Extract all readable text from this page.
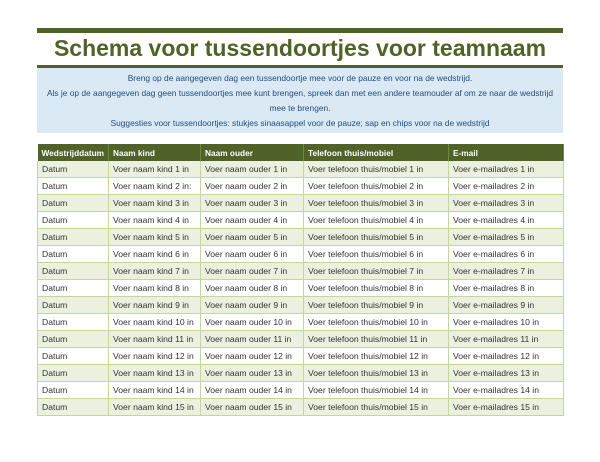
Schema voor tussendoortjes voor teamnaam
Breng op de aangegeven dag een tussendoortje mee voor de pauze en voor na de wedstrijd.
Als je op de aangegeven dag geen tussendoortjes mee kunt brengen, spreek dan met een andere teamouder af om ze naar de wedstrijd mee te brengen.
Suggesties voor tussendoortjes: stukjes sinaasappel voor de pauze; sap en chips voor na de wedstrijd
Wedstrijddatum	Naam kind	Naam ouder	Telefoon thuis/mobiel	E-mail
Datum	Voer naam kind 1 in	Voer naam ouder 1 in	Voer telefoon thuis/mobiel 1 in	Voer e-mailadres 1 in
Datum	Voer naam kind 2 in:	Voer naam ouder 2 in	Voer telefoon thuis/mobiel 2 in	Voer e-mailadres 2 in
Datum	Voer naam kind 3 in	Voer naam ouder 3 in	Voer telefoon thuis/mobiel 3 in	Voer e-mailadres 3 in
Datum	Voer naam kind 4 in	Voer naam ouder 4 in	Voer telefoon thuis/mobiel 4 in	Voer e-mailadres 4 in
Datum	Voer naam kind 5 in	Voer naam ouder 5 in	Voer telefoon thuis/mobiel 5 in	Voer e-mailadres 5 in
Datum	Voer naam kind 6 in	Voer naam ouder 6 in	Voer telefoon thuis/mobiel 6 in	Voer e-mailadres 6 in
Datum	Voer naam kind 7 in	Voer naam ouder 7 in	Voer telefoon thuis/mobiel 7 in	Voer e-mailadres 7 in
Datum	Voer naam kind 8 in	Voer naam ouder 8 in	Voer telefoon thuis/mobiel 8 in	Voer e-mailadres 8 in
Datum	Voer naam kind 9 in	Voer naam ouder 9 in	Voer telefoon thuis/mobiel 9 in	Voer e-mailadres 9 in
Datum	Voer naam kind 10 in	Voer naam ouder 10 in	Voer telefoon thuis/mobiel 10 in	Voer e-mailadres 10 in
Datum	Voer naam kind 11 in	Voer naam ouder 11 in	Voer telefoon thuis/mobiel 11 in	Voer e-mailadres 11 in
Datum	Voer naam kind 12 in	Voer naam ouder 12 in	Voer telefoon thuis/mobiel 12 in	Voer e-mailadres 12 in
Datum	Voer naam kind 13 in	Voer naam ouder 13 in	Voer telefoon thuis/mobiel 13 in	Voer e-mailadres 13 in
Datum	Voer naam kind 14 in	Voer naam ouder 14 in	Voer telefoon thuis/mobiel 14 in	Voer e-mailadres 14 in
Datum	Voer naam kind 15 in	Voer naam ouder 15 in	Voer telefoon thuis/mobiel 15 in	Voer e-mailadres 15 in
